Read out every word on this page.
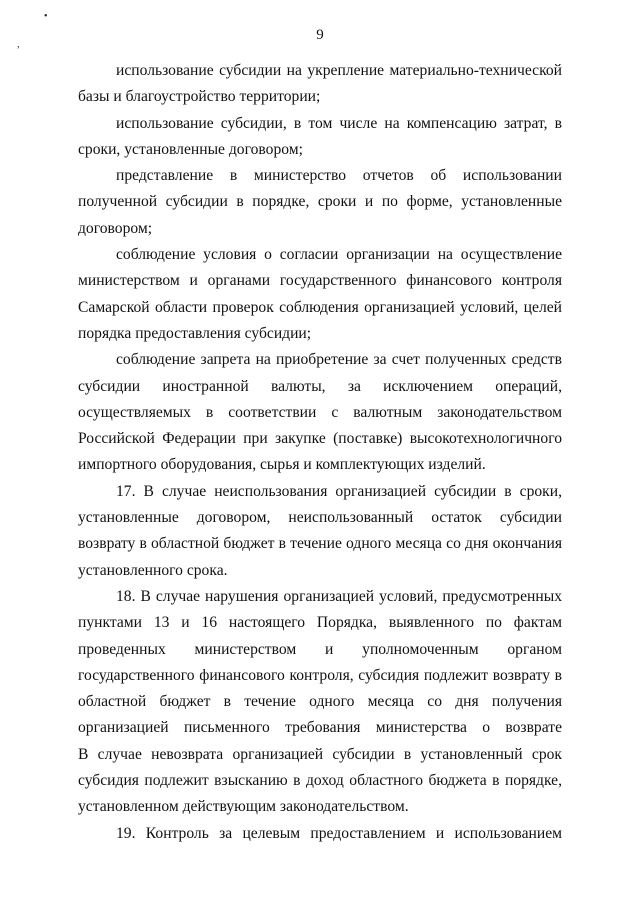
•
,
9
использование субсидии на укрепление материально-технической
базы и благоустройство территории;
использование субсидии, в том числе на компенсацию затрат, в
сроки, установленные договором;
представление в министерство отчетов об использовании
полученной субсидии в порядке, сроки и по форме, установленные
договором;
соблюдение условия о согласии организации на осуществление
министерством и органами государственного финансового контроля
Самарской области проверок соблюдения организацией условий, целей
порядка предоставления субсидии;
соблюдение запрета на приобретение за счет полученных средств
субсидии иностранной валюты, за исключением операций,
осуществляемых в соответствии с валютным законодательством
Российской Федерации при закупке (поставке) высокотехнологичного
импортного оборудования, сырья и комплектующих изделий.
17. В случае неиспользования организацией субсидии в сроки,
установленные договором, неиспользованный остаток субсидии
возврату в областной бюджет в течение одного месяца со дня окончания
установленного срока.
18. В случае нарушения организацией условий, предусмотренных
пунктами 13 и 16 настоящего Порядка, выявленного по фактам
проведенных министерством и уполномоченным органом
государственного финансового контроля, субсидия подлежит возврату в
областной бюджет в течение одного месяца со дня получения
организацией письменного требования министерства о возврате
В случае невозврата организацией субсидии в установленный срок
субсидия подлежит взысканию в доход областного бюджета в порядке,
установленном действующим законодательством.
19. Контроль за целевым предоставлением и использованием
